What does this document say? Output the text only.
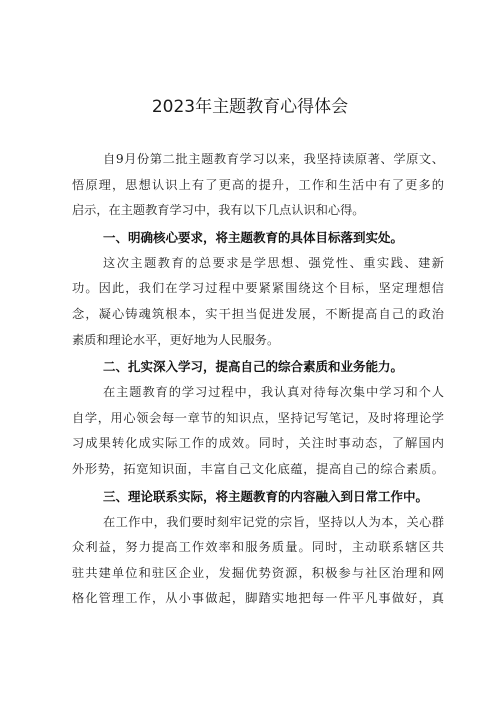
2023年主题教育心得体会
自9月份第二批主题教育学习以来，我坚持读原著、学原文、
悟原理，思想认识上有了更高的提升，工作和生活中有了更多的
启示，在主题教育学习中，我有以下几点认识和心得。
一、明确核心要求，将主题教育的具体目标落到实处。
这次主题教育的总要求是学思想、强党性、重实践、建新
功。因此，我们在学习过程中要紧紧围绕这个目标，坚定理想信
念，凝心铸魂筑根本，实干担当促进发展，不断提高自己的政治
素质和理论水平，更好地为人民服务。
二、扎实深入学习，提高自己的综合素质和业务能力。
在主题教育的学习过程中，我认真对待每次集中学习和个人
自学，用心领会每一章节的知识点，坚持记写笔记，及时将理论学
习成果转化成实际工作的成效。同时，关注时事动态，了解国内
外形势，拓宽知识面，丰富自己文化底蕴，提高自己的综合素质。
三、理论联系实际，将主题教育的内容融入到日常工作中。
在工作中，我们要时刻牢记党的宗旨，坚持以人为本，关心群
众利益，努力提高工作效率和服务质量。同时，主动联系辖区共
驻共建单位和驻区企业，发掘优势资源，积极参与社区治理和网
格化管理工作，从小事做起，脚踏实地把每一件平凡事做好，真
